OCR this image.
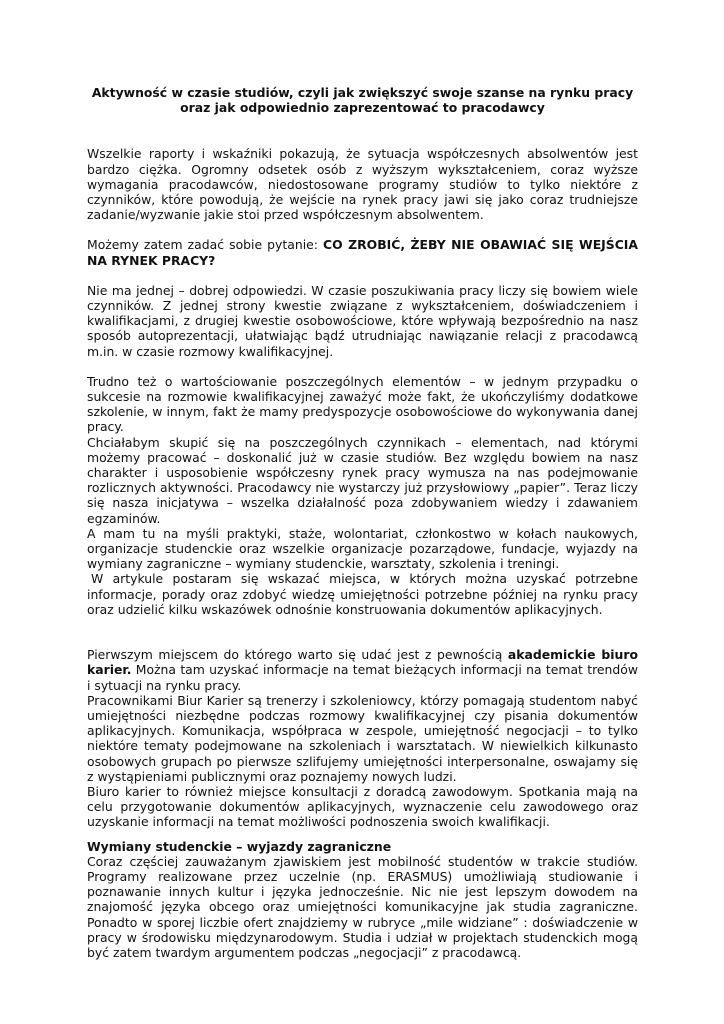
Aktywność w czasie studiów, czyli jak zwiększyć swoje szanse na rynku pracy
oraz jak odpowiednio zaprezentować to pracodawcy

Wszelkie raporty i wskaźniki pokazują, że sytuacja współczesnych absolwentów jest bardzo ciężka. Ogromny odsetek osób z wyższym wykształceniem, coraz wyższe wymagania pracodawców, niedostosowane programy studiów to tylko niektóre z czynników, które powodują, że wejście na rynek pracy jawi się jako coraz trudniejsze zadanie/wyzwanie jakie stoi przed współczesnym absolwentem.

Możemy zatem zadać sobie pytanie: CO ZROBIĆ, ŻEBY NIE OBAWIAĆ SIĘ WEJŚCIA NA RYNEK PRACY?

Nie ma jednej – dobrej odpowiedzi. W czasie poszukiwania pracy liczy się bowiem wiele czynników. Z jednej strony kwestie związane z wykształceniem, doświadczeniem i kwalifikacjami, z drugiej kwestie osobowościowe, które wpływają bezpośrednio na nasz sposób autoprezentacji, ułatwiając bądź utrudniając nawiązanie relacji z pracodawcą m.in. w czasie rozmowy kwalifikacyjnej.

Trudno też o wartościowanie poszczególnych elementów – w jednym przypadku o sukcesie na rozmowie kwalifikacyjnej zaważyć może fakt, że ukończyliśmy dodatkowe szkolenie, w innym, fakt że mamy predyspozycje osobowościowe do wykonywania danej pracy.

Chciałabym skupić się na poszczególnych czynnikach – elementach, nad którymi możemy pracować – doskonalić już w czasie studiów. Bez względu bowiem na nasz charakter i usposobienie współczesny rynek pracy wymusza na nas podejmowanie rozlicznych aktywności. Pracodawcy nie wystarczy już przysłowiowy „papier”. Teraz liczy się nasza inicjatywa – wszelka działalność poza zdobywaniem wiedzy i zdawaniem egzaminów.

A mam tu na myśli praktyki, staże, wolontariat, członkostwo w kołach naukowych, organizacje studenckie oraz wszelkie organizacje pozarządowe, fundacje, wyjazdy na wymiany zagraniczne – wymiany studenckie, warsztaty, szkolenia i treningi.

W artykule postaram się wskazać miejsca, w których można uzyskać potrzebne informacje, porady oraz zdobyć wiedzę umiejętności potrzebne później na rynku pracy oraz udzielić kilku wskazówek odnośnie konstruowania dokumentów aplikacyjnych.

Pierwszym miejscem do którego warto się udać jest z pewnością akademickie biuro karier. Można tam uzyskać informacje na temat bieżących informacji na temat trendów i sytuacji na rynku pracy.

Pracownikami Biur Karier są trenerzy i szkoleniowcy, którzy pomagają studentom nabyć umiejętności niezbędne podczas rozmowy kwalifikacyjnej czy pisania dokumentów aplikacyjnych. Komunikacja, współpraca w zespole, umiejętność negocjacji – to tylko niektóre tematy podejmowane na szkoleniach i warsztatach. W niewielkich kilkunasto osobowych grupach po pierwsze szlifujemy umiejętności interpersonalne, oswajamy się z wystąpieniami publicznymi oraz poznajemy nowych ludzi.

Biuro karier to również miejsce konsultacji z doradcą zawodowym. Spotkania mają na celu przygotowanie dokumentów aplikacyjnych, wyznaczenie celu zawodowego oraz uzyskanie informacji na temat możliwości podnoszenia swoich kwalifikacji.

Wymiany studenckie – wyjazdy zagraniczne

Coraz częściej zauważanym zjawiskiem jest mobilność studentów w trakcie studiów. Programy realizowane przez uczelnie (np. ERASMUS) umożliwiają studiowanie i poznawanie innych kultur i języka jednocześnie. Nic nie jest lepszym dowodem na znajomość języka obcego oraz umiejętności komunikacyjne jak studia zagraniczne. Ponadto w sporej liczbie ofert znajdziemy w rubryce „mile widziane” : doświadczenie w pracy w środowisku międzynarodowym. Studia i udział w projektach studenckich mogą być zatem twardym argumentem podczas „negocjacji” z pracodawcą.
